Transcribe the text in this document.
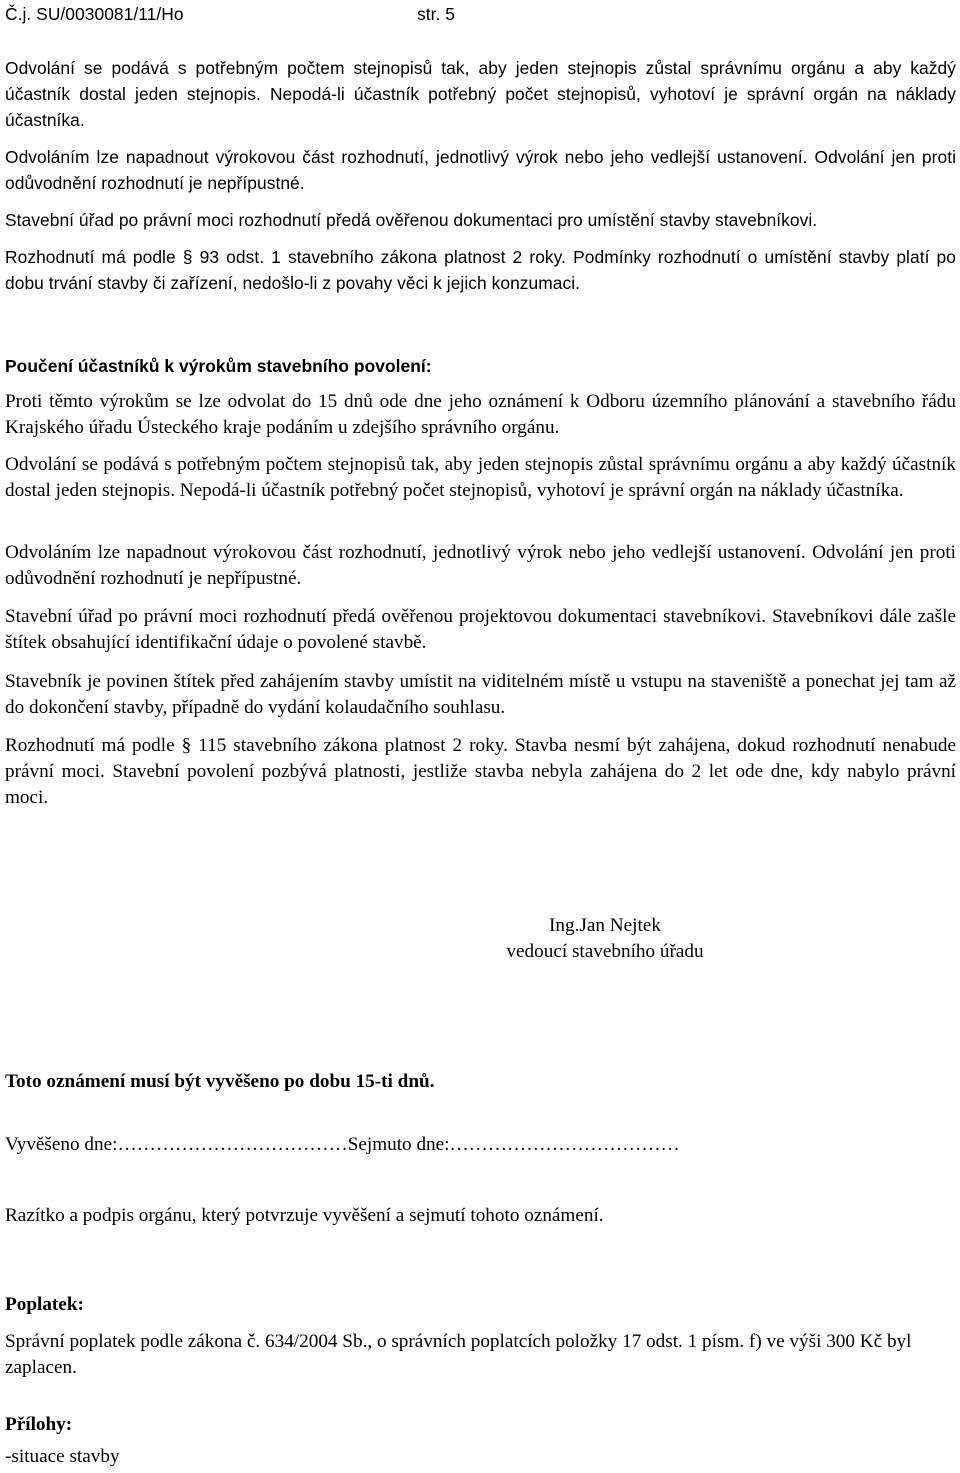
Č.j. SU/0030081/11/Ho	str. 5

Odvolání se podává s potřebným počtem stejnopisů tak, aby jeden stejnopis zůstal správnímu orgánu a aby každý účastník dostal jeden stejnopis. Nepodá-li účastník potřebný počet stejnopisů, vyhotoví je správní orgán na náklady účastníka.

Odvoláním lze napadnout výrokovou část rozhodnutí, jednotlivý výrok nebo jeho vedlejší ustanovení. Odvolání jen proti odůvodnění rozhodnutí je nepřípustné.

Stavební úřad po právní moci rozhodnutí předá ověřenou dokumentaci pro umístění stavby stavebníkovi.

Rozhodnutí má podle § 93 odst. 1 stavebního zákona platnost 2 roky. Podmínky rozhodnutí o umístění stavby platí po dobu trvání stavby či zařízení, nedošlo-li z povahy věci k jejich konzumaci.

Poučení účastníků k výrokům stavebního povolení:

Proti těmto výrokům se lze odvolat do 15 dnů ode dne jeho oznámení k Odboru územního plánování a stavebního řádu Krajského úřadu Ústeckého kraje podáním u zdejšího správního orgánu.

Odvolání se podává s potřebným počtem stejnopisů tak, aby jeden stejnopis zůstal správnímu orgánu a aby každý účastník dostal jeden stejnopis. Nepodá-li účastník potřebný počet stejnopisů, vyhotoví je správní orgán na náklady účastníka.

Odvoláním lze napadnout výrokovou část rozhodnutí, jednotlivý výrok nebo jeho vedlejší ustanovení. Odvolání jen proti odůvodnění rozhodnutí je nepřípustné.

Stavební úřad po právní moci rozhodnutí předá ověřenou projektovou dokumentaci stavebníkovi. Stavebníkovi dále zašle štítek obsahující identifikační údaje o povolené stavbě.

Stavebník je povinen štítek před zahájením stavby umístit na viditelném místě u vstupu na staveniště a ponechat jej tam až do dokončení stavby, případně do vydání kolaudačního souhlasu.

Rozhodnutí má podle § 115 stavebního zákona platnost 2 roky. Stavba nesmí být zahájena, dokud rozhodnutí nenabude právní moci. Stavební povolení pozbývá platnosti, jestliže stavba nebyla zahájena do 2 let ode dne, kdy nabylo právní moci.

Ing.Jan Nejtek
vedoucí stavebního úřadu

Toto oznámení musí být vyvěšeno po dobu 15-ti dnů.

Vyvěšeno dne:………………………………Sejmuto dne:………………………………

Razítko a podpis orgánu, který potvrzuje vyvěšení a sejmutí tohoto oznámení.

Poplatek:

Správní poplatek podle zákona č. 634/2004 Sb., o správních poplatcích položky 17 odst. 1 písm. f) ve výši 300 Kč byl zaplacen.

Přílohy:

-situace stavby
